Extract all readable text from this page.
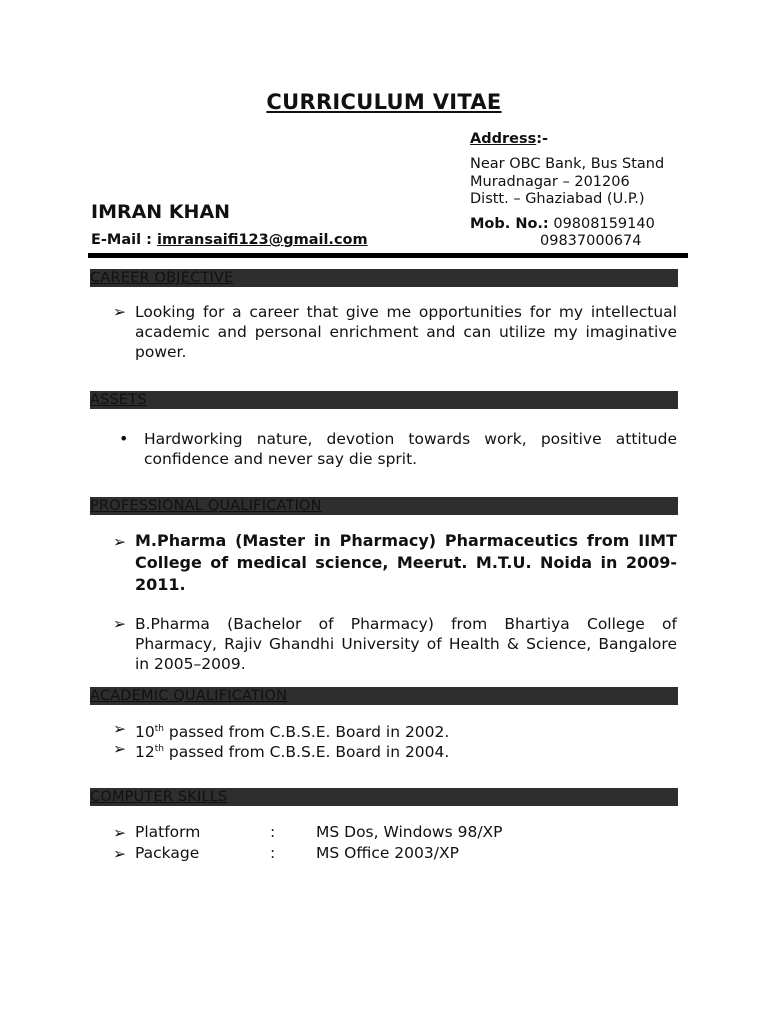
CURRICULUM VITAE
Address:-
Near OBC Bank, Bus Stand
Muradnagar – 201206
Distt. – Ghaziabad (U.P.)
IMRAN KHAN
E-Mail : imransaifi123@gmail.com
Mob. No.: 09808159140
09837000674
CAREER OBJECTIVE
➢ Looking for a career that give me opportunities for my intellectual academic and personal enrichment and can utilize my imaginative power.
ASSETS
• Hardworking nature, devotion towards work, positive attitude confidence and never say die sprit.
PROFESSIONAL QUALIFICATION
➢ M.Pharma (Master in Pharmacy) Pharmaceutics from IIMT College of medical science, Meerut. M.T.U. Noida in 2009-2011.
➢ B.Pharma (Bachelor of Pharmacy) from Bhartiya College of Pharmacy, Rajiv Ghandhi University of Health & Science, Bangalore in 2005–2009.
ACADEMIC QUALIFICATION
➢ 10th passed from C.B.S.E. Board in 2002.
➢ 12th passed from C.B.S.E. Board in 2004.
COMPUTER SKILLS
➢ Platform	:	MS Dos, Windows 98/XP
➢ Package	:	MS Office 2003/XP
